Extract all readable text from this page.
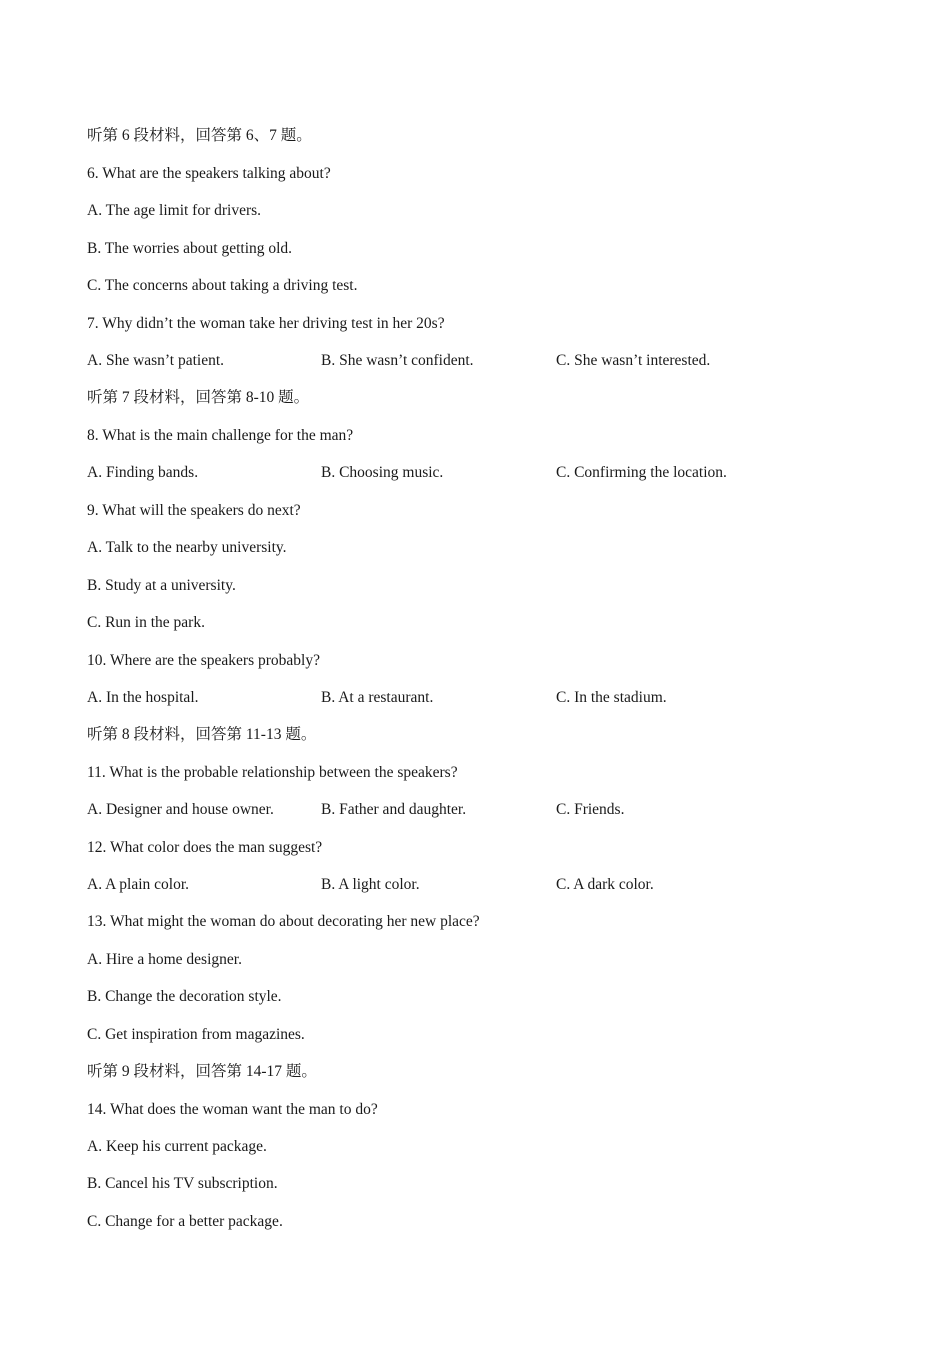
听第 6 段材料，回答第 6、7 题。
6. What are the speakers talking about?
A. The age limit for drivers.
B. The worries about getting old.
C. The concerns about taking a driving test.
7. Why didn’t the woman take her driving test in her 20s?
A. She wasn’t patient.	B. She wasn’t confident.	C. She wasn’t interested.
听第 7 段材料，回答第 8-10 题。
8. What is the main challenge for the man?
A. Finding bands.	B. Choosing music.	C. Confirming the location.
9. What will the speakers do next?
A. Talk to the nearby university.
B. Study at a university.
C. Run in the park.
10. Where are the speakers probably?
A. In the hospital.	B. At a restaurant.	C. In the stadium.
听第 8 段材料，回答第 11-13 题。
11. What is the probable relationship between the speakers?
A. Designer and house owner.	B. Father and daughter.	C. Friends.
12. What color does the man suggest?
A. A plain color.	B. A light color.	C. A dark color.
13. What might the woman do about decorating her new place?
A. Hire a home designer.
B. Change the decoration style.
C. Get inspiration from magazines.
听第 9 段材料，回答第 14-17 题。
14. What does the woman want the man to do?
A. Keep his current package.
B. Cancel his TV subscription.
C. Change for a better package.
